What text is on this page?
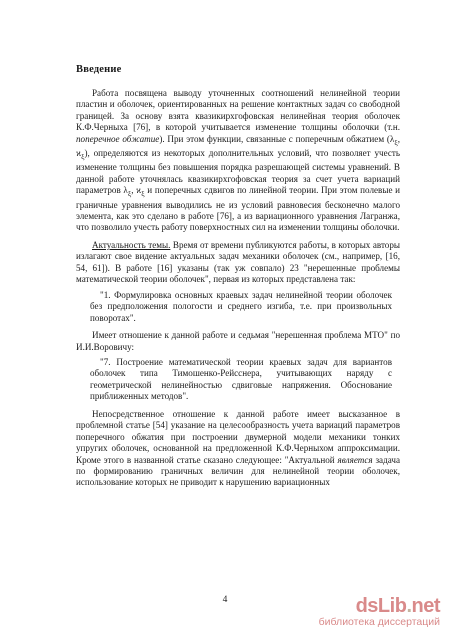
Введение

Работа посвящена выводу уточненных соотношений нелинейной теории пластин и оболочек, ориентированных на решение контактных задач со свободной границей. За основу взята квазикирхгофовская нелинейная теория оболочек К.Ф.Черныха [76], в которой учитывается изменение толщины оболочки (т.н. поперечное обжатие). При этом функции, связанные с поперечным обжатием ($\lambda_\xi$, $ϰ_\xi$), определяются из некоторых дополнительных условий, что позволяет учесть изменение толщины без повышения порядка разрешающей системы уравнений. В данной работе уточнялась квазикирхгофовская теория за счет учета вариаций параметров $\lambda_\xi$, $ϰ_\xi$ и поперечных сдвигов по линейной теории. При этом полевые и граничные уравнения выводились не из условий равновесия бесконечно малого элемента, как это сделано в работе [76], а из вариационного уравнения Лагранжа, что позволило учесть работу поверхностных сил на изменении толщины оболочки.

Актуальность темы. Время от времени публикуются работы, в которых авторы излагают свое видение актуальных задач механики оболочек (см., например, [16, 54, 61]). В работе [16] указаны (так уж совпало) 23 "нерешенные проблемы математической теории оболочек", первая из которых представлена так:

"1. Формулировка основных краевых задач нелинейной теории оболочек без предположения пологости и среднего изгиба, т.е. при произвольных поворотах".

Имеет отношение к данной работе и седьмая "нерешенная проблема МТО" по И.И.Воровичу:

"7. Построение математической теории краевых задач для вариантов оболочек типа Тимошенко-Рейсснера, учитывающих наряду с геометрической нелинейностью сдвиговые напряжения. Обоснование приближенных методов".

Непосредственное отношение к данной работе имеет высказанное в проблемной статье [54] указание на целесообразность учета вариаций параметров поперечного обжатия при построении двумерной модели механики тонких упругих оболочек, основанной на предложенной К.Ф.Черныхом аппроксимации. Кроме этого в названной статье сказано следующее: "Актуальной является задача по формированию граничных величин для нелинейной теории оболочек, использование которых не приводит к нарушению вариационных

4	dsLib.net
библиотека диссертаций
